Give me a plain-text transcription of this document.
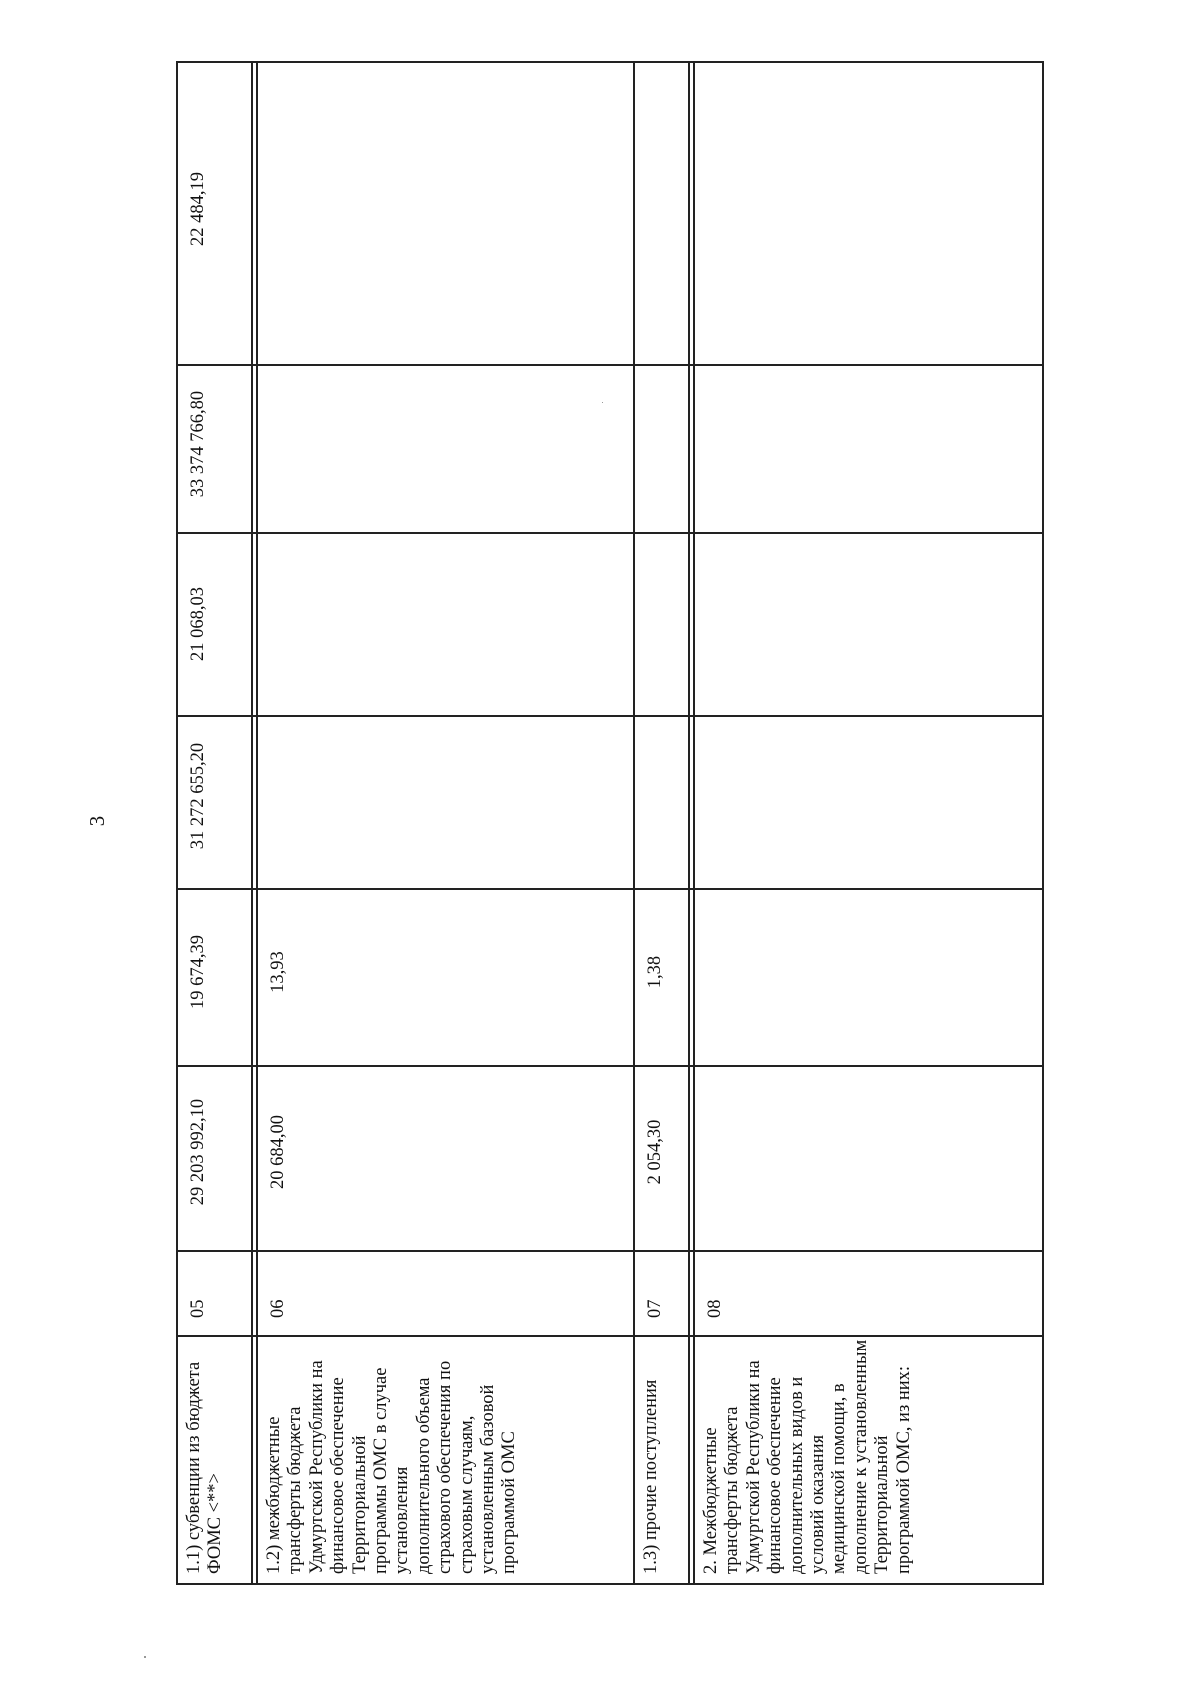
3
1.1) субвенции из бюджета ФОМС <**>
05
29 203 992,10
19 674,39
31 272 655,20
21 068,03
33 374 766,80
22 484,19
1.2) межбюджетные трансферты бюджета Удмуртской Республики на финансовое обеспечение Территориальной программы ОМС в случае установления дополнительного объема страхового обеспечения по страховым случаям, установленным базовой программой ОМС
06
20 684,00
13,93
1.3) прочие поступления
07
2 054,30
1,38
2. Межбюджетные трансферты бюджета Удмуртской Республики на финансовое обеспечение дополнительных видов и условий оказания медицинской помощи, в дополнение к установленным Территориальной программой ОМС, из них:
08
